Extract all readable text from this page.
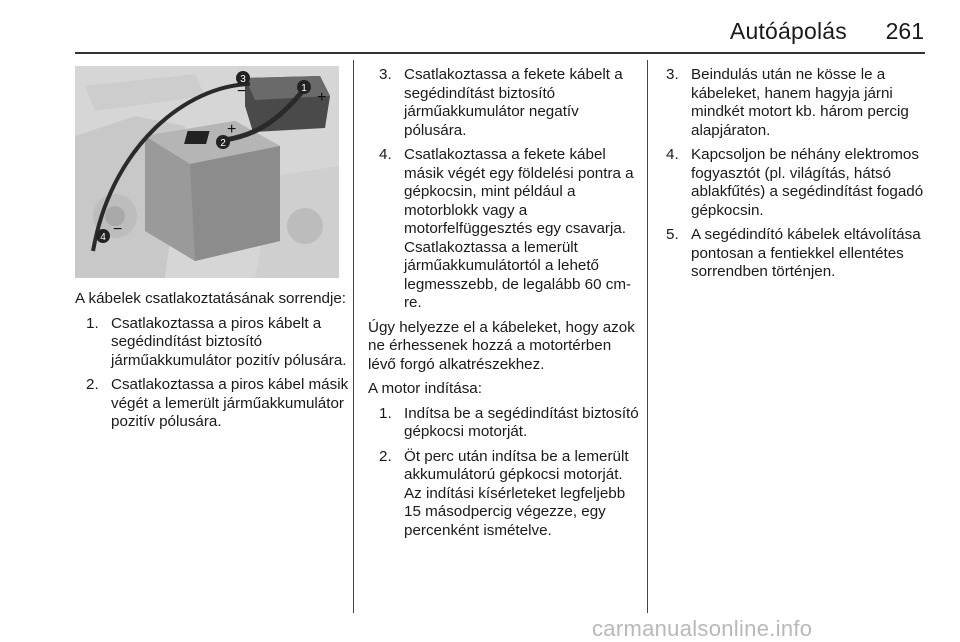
Autóápolás 261
1
2
3
4
+
+
−
−

A kábelek csatlakoztatásának sorrendje:

1. Csatlakoztassa a piros kábelt a segédindítást biztosító járműakkumulátor pozitív pólusára.
2. Csatlakoztassa a piros kábel másik végét a lemerült járműakkumulátor pozitív pólusára.
3. Csatlakoztassa a fekete kábelt a segédindítást biztosító járműakkumulátor negatív pólusára.
4. Csatlakoztassa a fekete kábel másik végét egy földelési pontra a gépkocsin, mint például a motorblokk vagy a motorfelfüggesztés egy csavarja. Csatlakoztassa a lemerült járműakkumulátortól a lehető legmesszebb, de legalább 60 cm-re.

Úgy helyezze el a kábeleket, hogy azok ne érhessenek hozzá a motortérben lévő forgó alkatrészekhez.

A motor indítása:

1. Indítsa be a segédindítást biztosító gépkocsi motorját.
2. Öt perc után indítsa be a lemerült akkumulátorú gépkocsi motorját. Az indítási kísérleteket legfeljebb 15 másodpercig végezze, egy percenként ismételve.
3. Beindulás után ne kösse le a kábeleket, hanem hagyja járni mindkét motort kb. három percig alapjáraton.
4. Kapcsoljon be néhány elektromos fogyasztót (pl. világítás, hátsó ablakfűtés) a segédindítást fogadó gépkocsin.
5. A segédindító kábelek eltávolítása pontosan a fentiekkel ellentétes sorrendben történjen.
carmanualsonline.info
